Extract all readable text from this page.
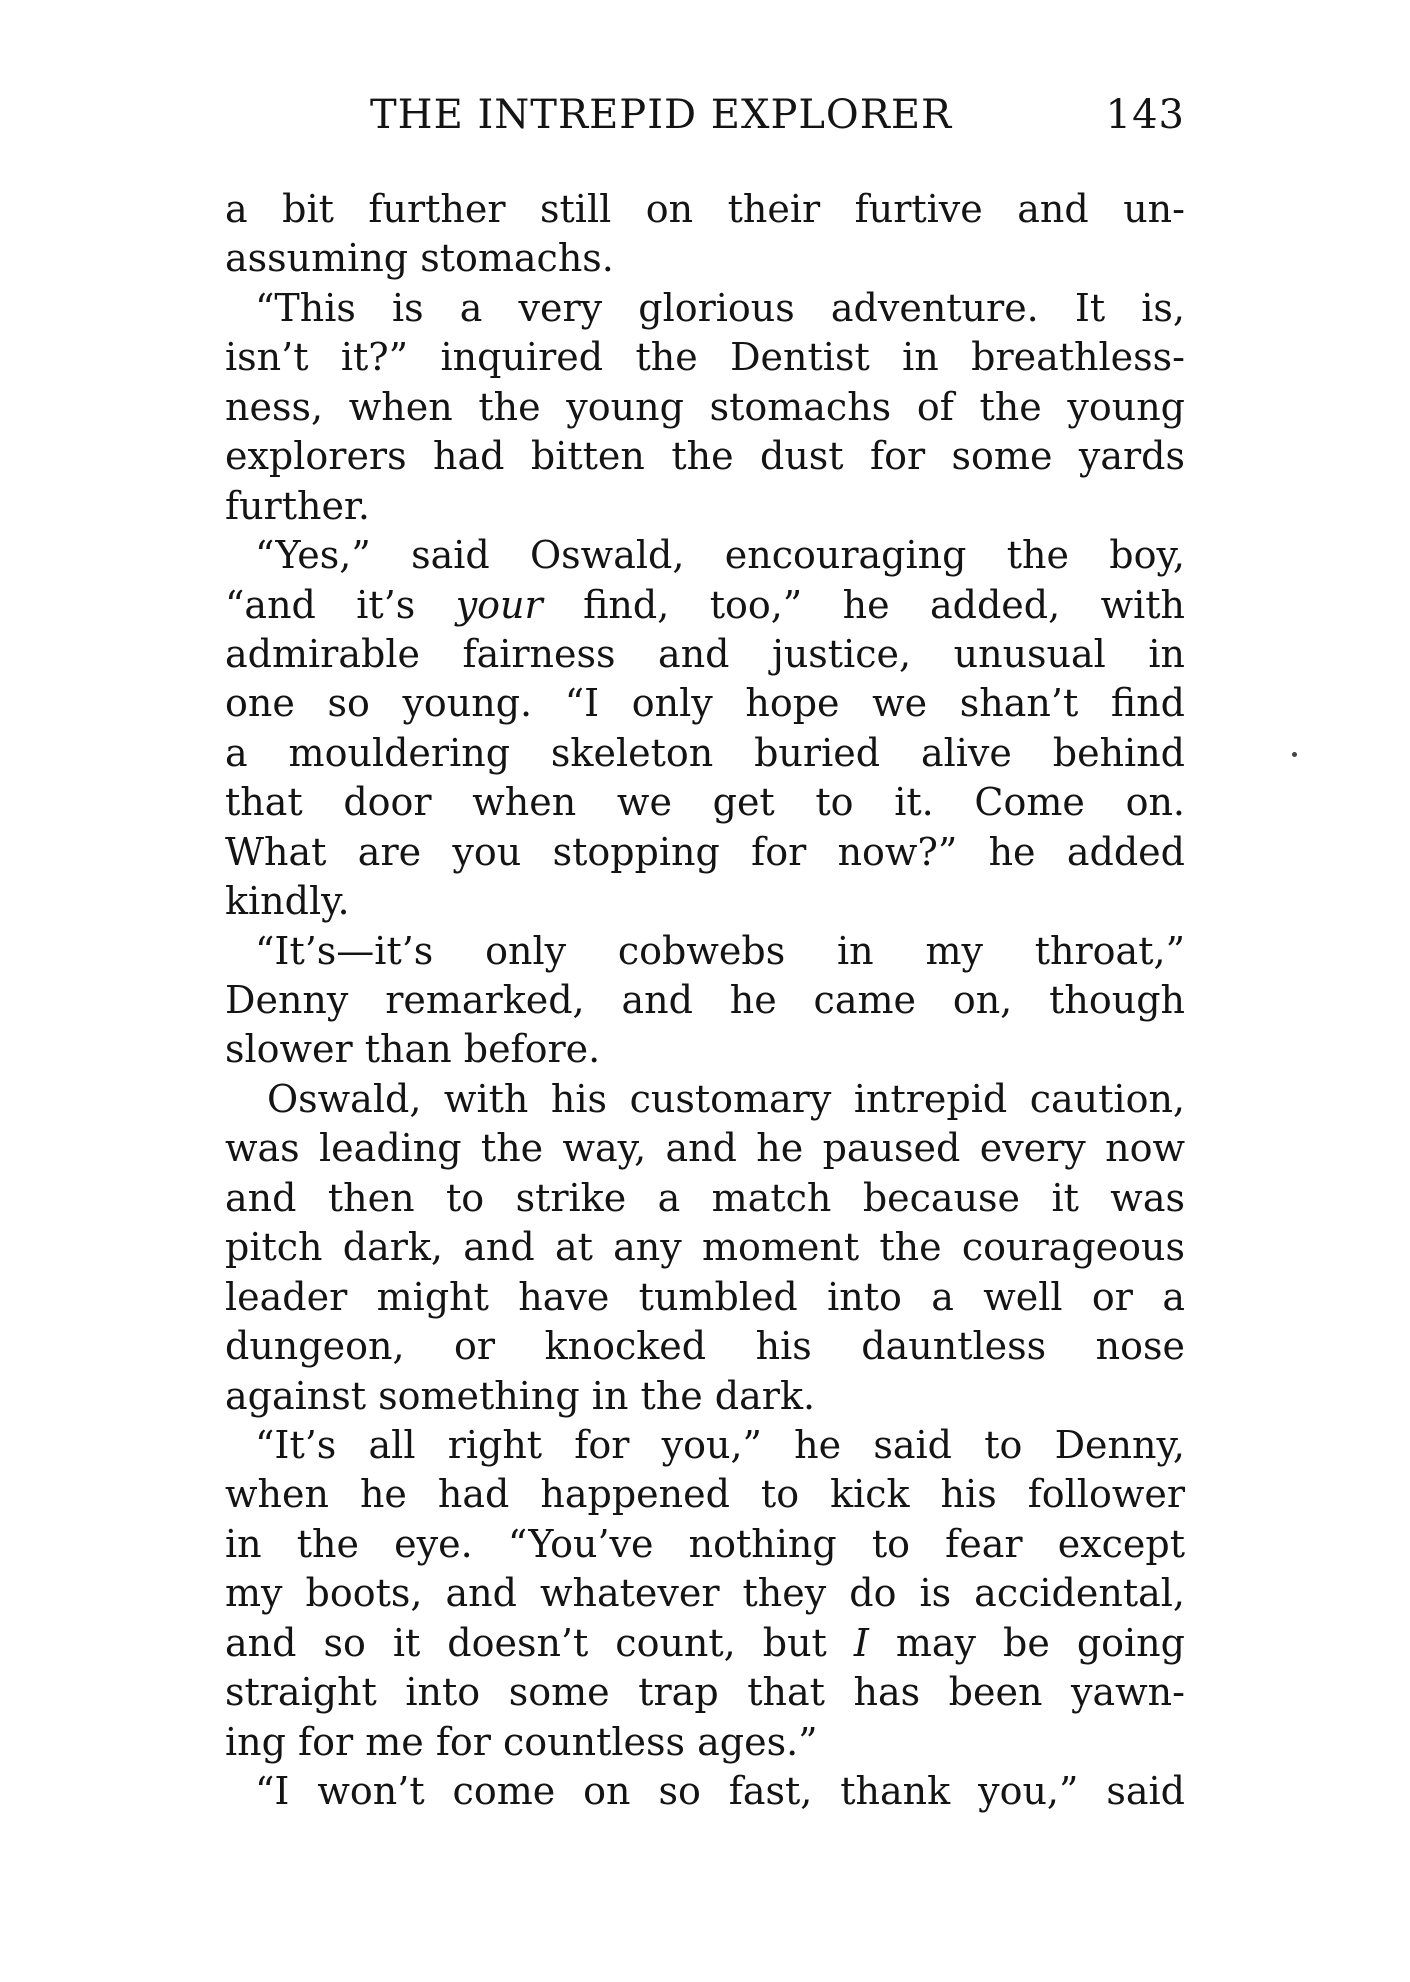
THE INTREPID EXPLORER	143
a bit further still on their furtive and un-
assuming stomachs.
“This is a very glorious adventure. It is,
isn’t it?” inquired the Dentist in breathless-
ness, when the young stomachs of the young
explorers had bitten the dust for some yards
further.
“Yes,” said Oswald, encouraging the boy,
“and it’s your find, too,” he added, with
admirable fairness and justice, unusual in
one so young. “I only hope we shan’t find
a mouldering skeleton buried alive behind
that door when we get to it. Come on.
What are you stopping for now?” he added
kindly.
“It’s—it’s only cobwebs in my throat,”
Denny remarked, and he came on, though
slower than before.
Oswald, with his customary intrepid caution,
was leading the way, and he paused every now
and then to strike a match because it was
pitch dark, and at any moment the courageous
leader might have tumbled into a well or a
dungeon, or knocked his dauntless nose
against something in the dark.
“It’s all right for you,” he said to Denny,
when he had happened to kick his follower
in the eye. “You’ve nothing to fear except
my boots, and whatever they do is accidental,
and so it doesn’t count, but I may be going
straight into some trap that has been yawn-
ing for me for countless ages.”
“I won’t come on so fast, thank you,” said
